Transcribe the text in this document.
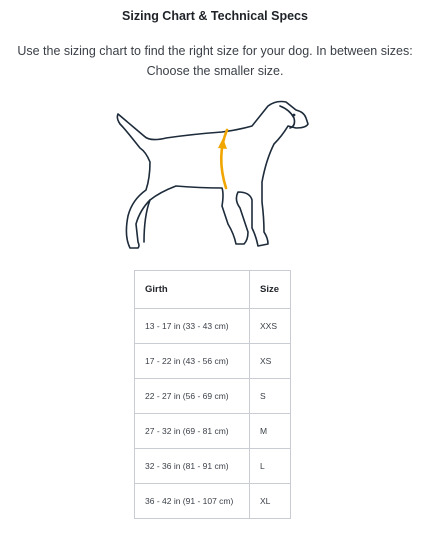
Sizing Chart & Technical Specs
Use the sizing chart to find the right size for your dog. In between sizes: Choose the smaller size.
Girth	Size
13 - 17 in (33 - 43 cm)	XXS
17 - 22 in (43 - 56 cm)	XS
22 - 27 in (56 - 69 cm)	S
27 - 32 in (69 - 81 cm)	M
32 - 36 in (81 - 91 cm)	L
36 - 42 in (91 - 107 cm)	XL
